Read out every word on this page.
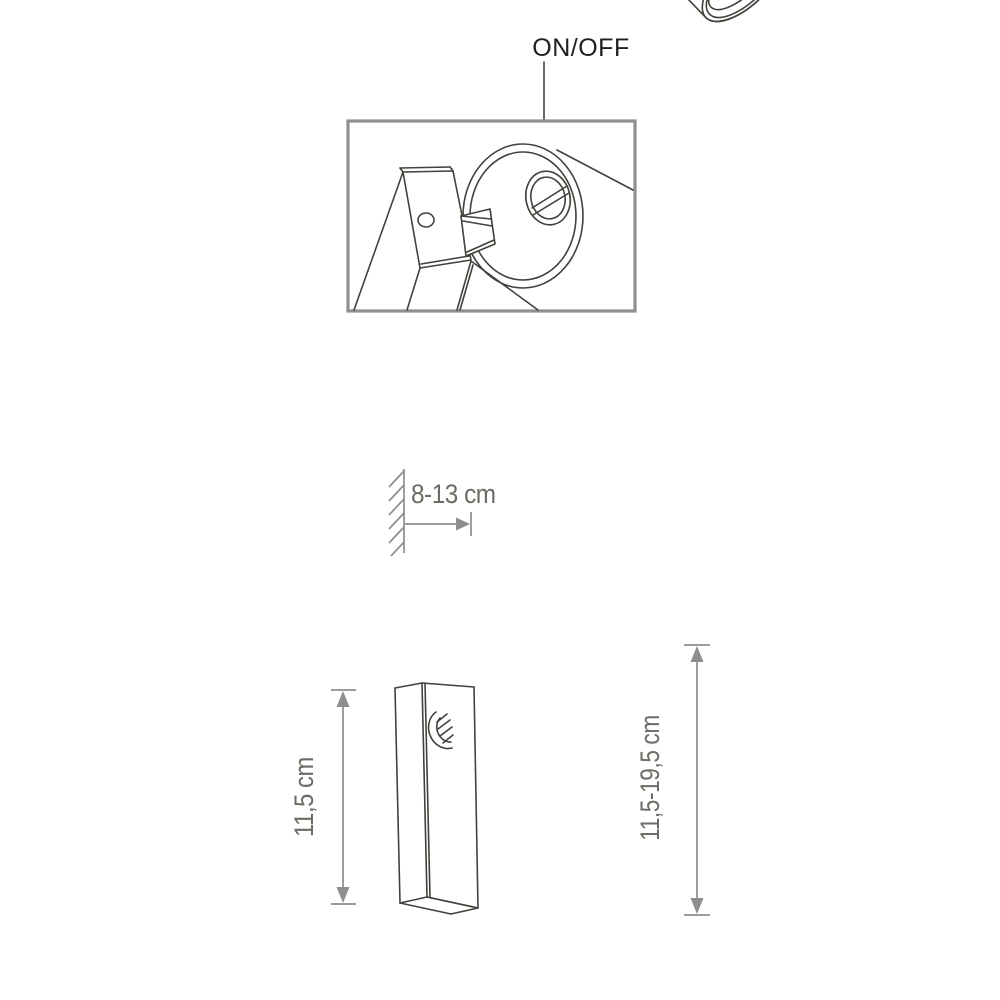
ON/OFF
8-13 cm
11,5 cm	11,5-19,5 cm
